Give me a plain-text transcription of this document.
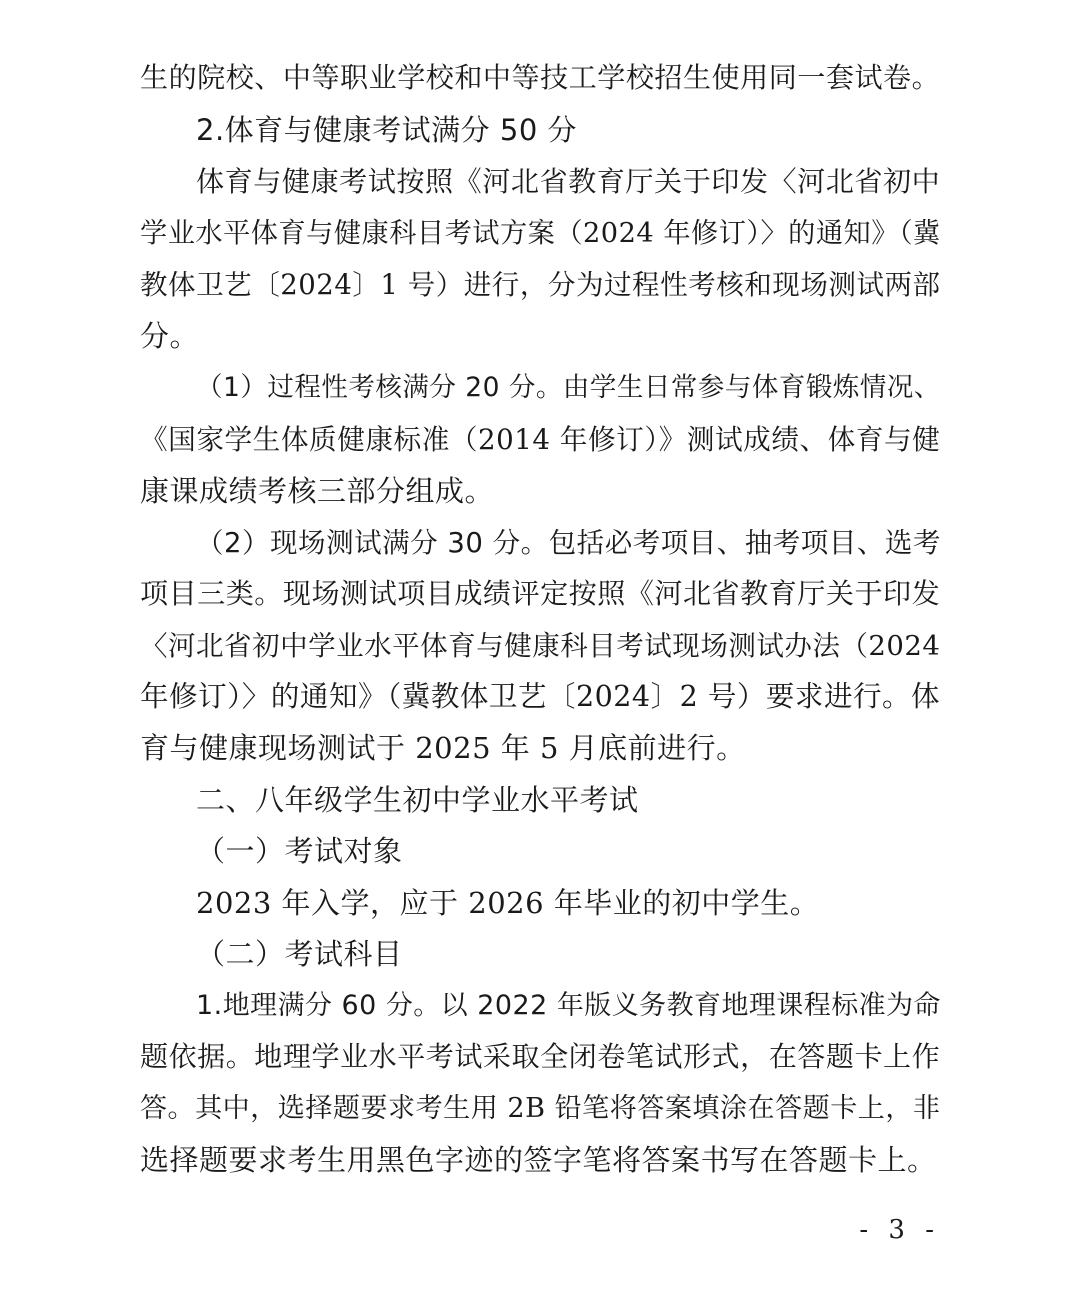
生的院校、中等职业学校和中等技工学校招生使用同一套试卷。
2.体育与健康考试满分 50 分
体育与健康考试按照《河北省教育厅关于印发〈河北省初中
学业水平体育与健康科目考试方案（2024 年修订）〉的通知》（冀
教体卫艺〔2024〕1 号）进行，分为过程性考核和现场测试两部
分。
（1）过程性考核满分 20 分。由学生日常参与体育锻炼情况、
《国家学生体质健康标准（2014 年修订）》测试成绩、体育与健
康课成绩考核三部分组成。
（2）现场测试满分 30 分。包括必考项目、抽考项目、选考
项目三类。现场测试项目成绩评定按照《河北省教育厅关于印发
〈河北省初中学业水平体育与健康科目考试现场测试办法（2024
年修订）〉的通知》（冀教体卫艺〔2024〕2 号）要求进行。体
育与健康现场测试于 2025 年 5 月底前进行。
二、八年级学生初中学业水平考试
（一）考试对象
2023 年入学，应于 2026 年毕业的初中学生。
（二）考试科目
1.地理满分 60 分。以 2022 年版义务教育地理课程标准为命
题依据。地理学业水平考试采取全闭卷笔试形式，在答题卡上作
答。其中，选择题要求考生用 2B 铅笔将答案填涂在答题卡上，非
选择题要求考生用黑色字迹的签字笔将答案书写在答题卡上。
- 3 -
